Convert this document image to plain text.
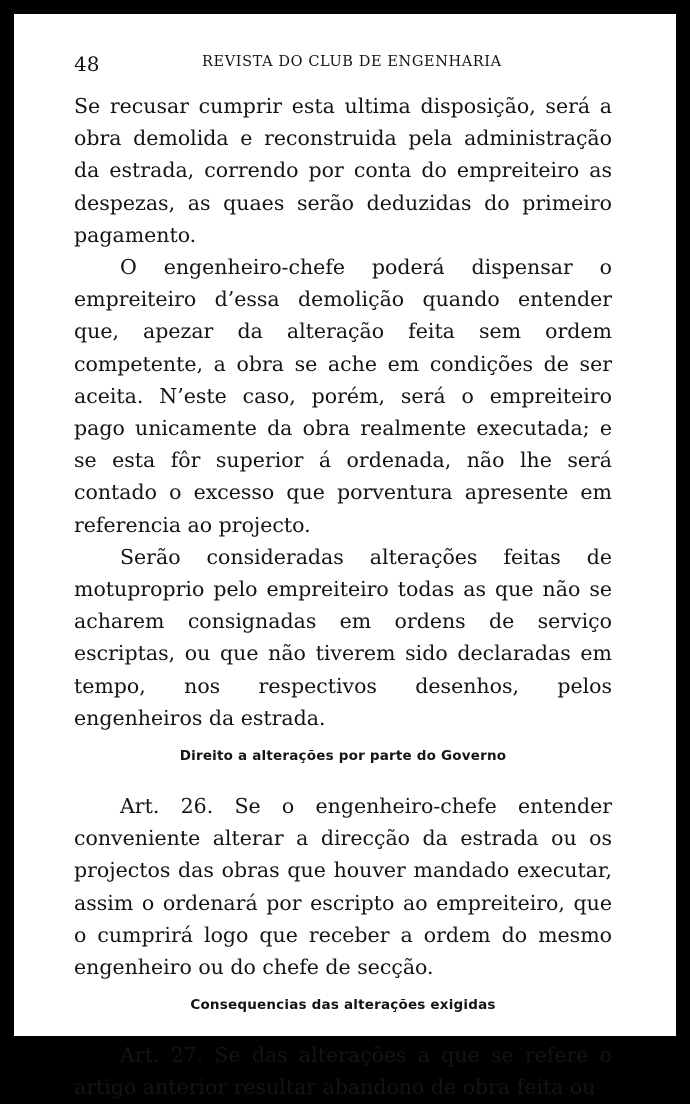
48	REVISTA DO CLUB DE ENGENHARIA

Se recusar cumprir esta ultima disposição, será a obra demolida e reconstruida pela administração da estrada, correndo por conta do empreiteiro as despezas, as quaes serão deduzidas do primeiro pagamento.

O engenheiro-chefe poderá dispensar o empreiteiro d’essa demolição quando entender que, apezar da alteração feita sem ordem competente, a obra se ache em condições de ser aceita. N’este caso, porém, será o empreiteiro pago unicamente da obra realmente executada; e se esta fôr superior á ordenada, não lhe será contado o excesso que porventura apresente em referencia ao projecto.

Serão consideradas alterações feitas de motuproprio pelo empreiteiro todas as que não se acharem consignadas em ordens de serviço escriptas, ou que não tiverem sido declaradas em tempo, nos respectivos desenhos, pelos engenheiros da estrada.

Direito a alterações por parte do Governo

Art. 26. Se o engenheiro-chefe entender conveniente alterar a direcção da estrada ou os projectos das obras que houver mandado executar, assim o ordenará por escripto ao empreiteiro, que o cumprirá logo que receber a ordem do mesmo engenheiro ou do chefe de secção.

Consequencias das alterações exigidas

Art. 27. Se das alterações a que se refere o artigo anterior resultar abandono de obra feita ou
